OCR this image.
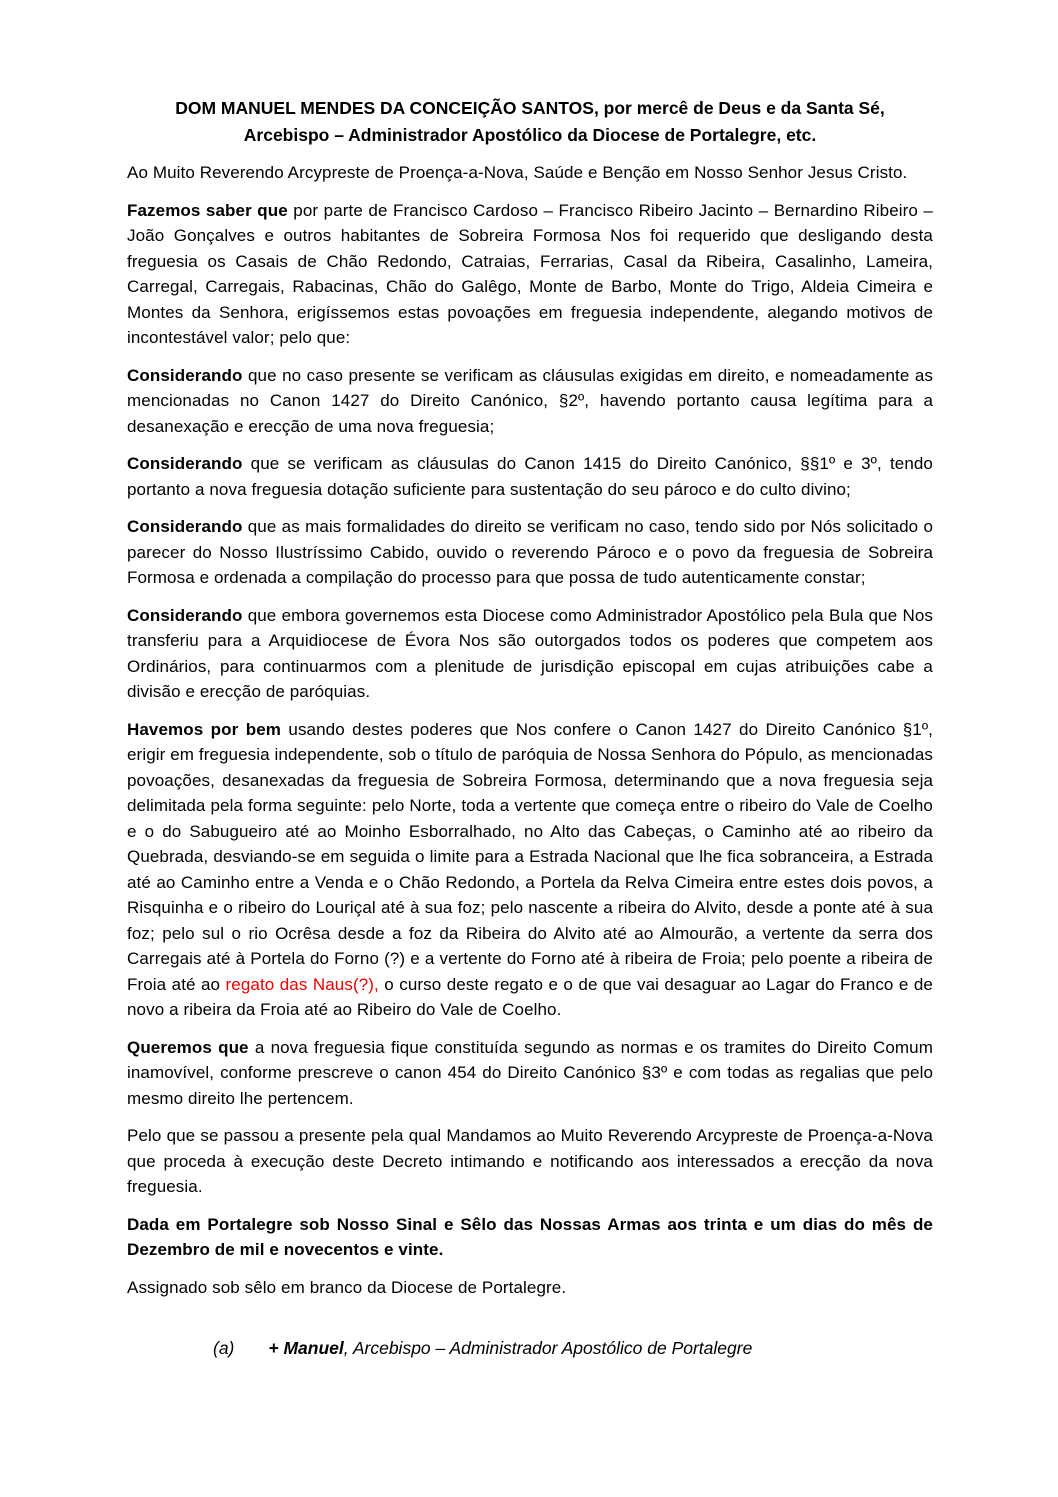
DOM MANUEL MENDES DA CONCEIÇÃO SANTOS, por mercê de Deus e da Santa Sé,
Arcebispo – Administrador Apostólico da Diocese de Portalegre, etc.

Ao Muito Reverendo Arcypreste de Proença-a-Nova, Saúde e Benção em Nosso Senhor Jesus Cristo.

Fazemos saber que por parte de Francisco Cardoso – Francisco Ribeiro Jacinto – Bernardino Ribeiro – João Gonçalves e outros habitantes de Sobreira Formosa Nos foi requerido que desligando desta freguesia os Casais de Chão Redondo, Catraias, Ferrarias, Casal da Ribeira, Casalinho, Lameira, Carregal, Carregais, Rabacinas, Chão do Galêgo, Monte de Barbo, Monte do Trigo, Aldeia Cimeira e Montes da Senhora, erigíssemos estas povoações em freguesia independente, alegando motivos de incontestável valor; pelo que:

Considerando que no caso presente se verificam as cláusulas exigidas em direito, e nomeadamente as mencionadas no Canon 1427 do Direito Canónico, §2º, havendo portanto causa legítima para a desanexação e erecção de uma nova freguesia;

Considerando que se verificam as cláusulas do Canon 1415 do Direito Canónico, §§1º e 3º, tendo portanto a nova freguesia dotação suficiente para sustentação do seu pároco e do culto divino;

Considerando que as mais formalidades do direito se verificam no caso, tendo sido por Nós solicitado o parecer do Nosso Ilustríssimo Cabido, ouvido o reverendo Pároco e o povo da freguesia de Sobreira Formosa e ordenada a compilação do processo para que possa de tudo autenticamente constar;

Considerando que embora governemos esta Diocese como Administrador Apostólico pela Bula que Nos transferiu para a Arquidiocese de Évora Nos são outorgados todos os poderes que competem aos Ordinários, para continuarmos com a plenitude de jurisdição episcopal em cujas atribuições cabe a divisão e erecção de paróquias.

Havemos por bem usando destes poderes que Nos confere o Canon 1427 do Direito Canónico §1º, erigir em freguesia independente, sob o título de paróquia de Nossa Senhora do Pópulo, as mencionadas povoações, desanexadas da freguesia de Sobreira Formosa, determinando que a nova freguesia seja delimitada pela forma seguinte: pelo Norte, toda a vertente que começa entre o ribeiro do Vale de Coelho e o do Sabugueiro até ao Moinho Esborralhado, no Alto das Cabeças, o Caminho até ao ribeiro da Quebrada, desviando-se em seguida o limite para a Estrada Nacional que lhe fica sobranceira, a Estrada até ao Caminho entre a Venda e o Chão Redondo, a Portela da Relva Cimeira entre estes dois povos, a Risquinha e o ribeiro do Louriçal até à sua foz; pelo nascente a ribeira do Alvito, desde a ponte até à sua foz; pelo sul o rio Ocrêsa desde a foz da Ribeira do Alvito até ao Almourão, a vertente da serra dos Carregais até à Portela do Forno (?) e a vertente do Forno até à ribeira de Froia; pelo poente a ribeira de Froia até ao regato das Naus(?), o curso deste regato e o de que vai desaguar ao Lagar do Franco e de novo a ribeira da Froia até ao Ribeiro do Vale de Coelho.

Queremos que a nova freguesia fique constituída segundo as normas e os tramites do Direito Comum inamovível, conforme prescreve o canon 454 do Direito Canónico §3º e com todas as regalias que pelo mesmo direito lhe pertencem.

Pelo que se passou a presente pela qual Mandamos ao Muito Reverendo Arcypreste de Proença-a-Nova que proceda à execução deste Decreto intimando e notificando aos interessados a erecção da nova freguesia.

Dada em Portalegre sob Nosso Sinal e Sêlo das Nossas Armas aos trinta e um dias do mês de Dezembro de mil e novecentos e vinte.

Assignado sob sêlo em branco da Diocese de Portalegre.

(a) + Manuel, Arcebispo – Administrador Apostólico de Portalegre
